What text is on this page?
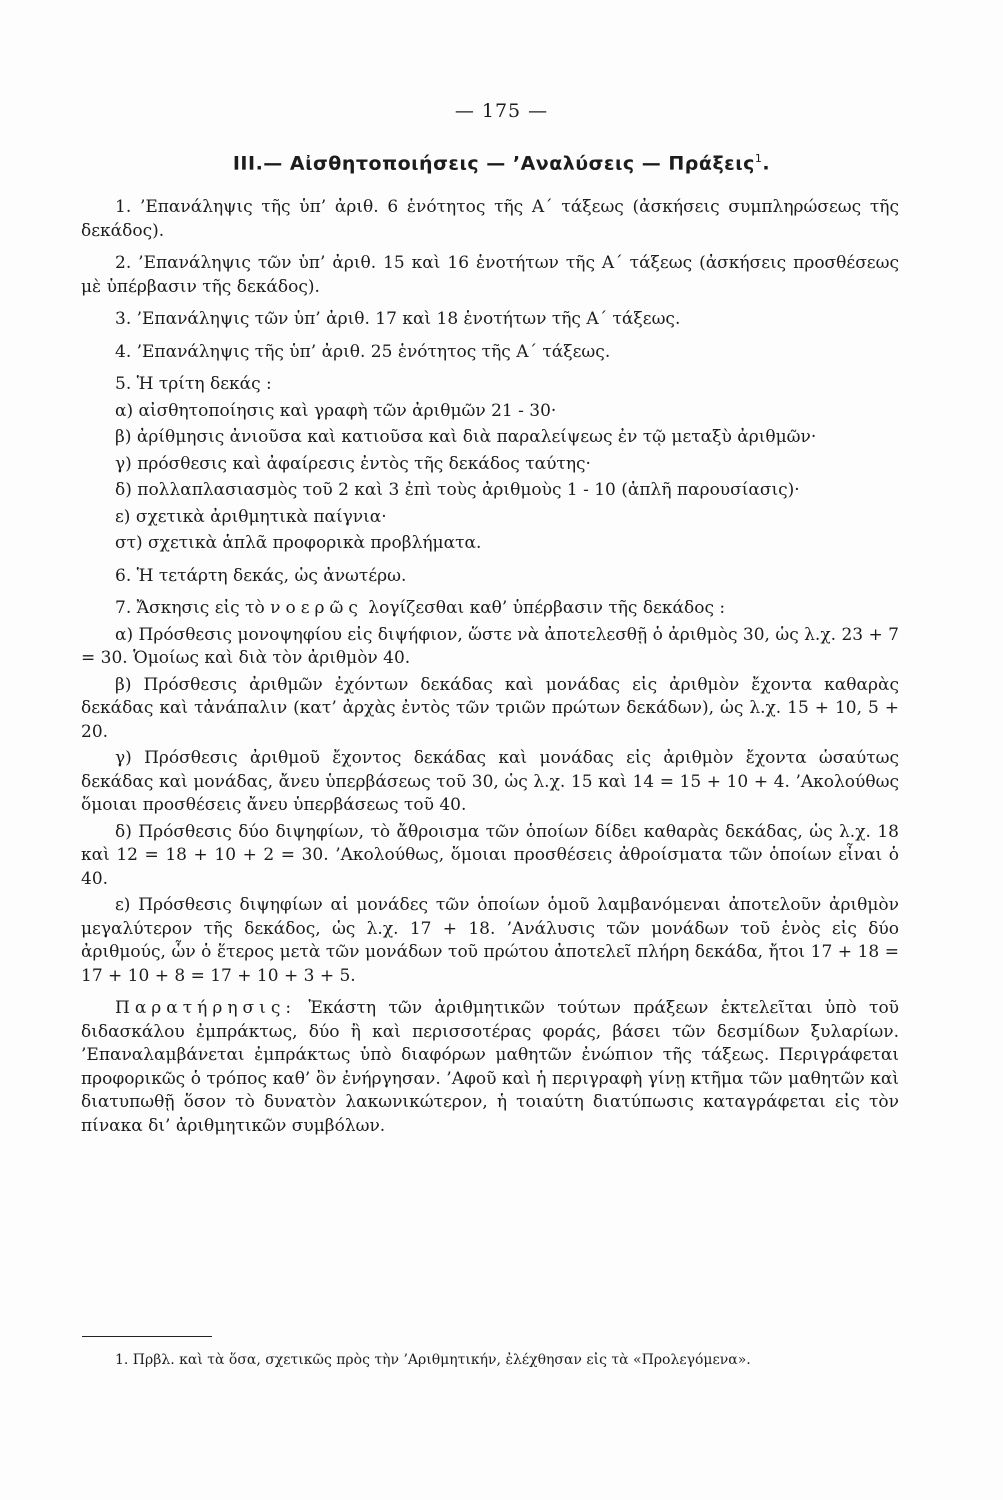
— 175 —
ΙΙΙ.— Αἰσθητοποιήσεις — ’Αναλύσεις — Πράξεις$^1$.

1. ’Επανάληψις τῆς ὑπ’ ἀριθ. 6 ἑνότητος τῆς Α΄ τάξεως (ἀσκήσεις συμπληρώσεως τῆς δεκάδος).

2. ’Επανάληψις τῶν ὑπ’ ἀριθ. 15 καὶ 16 ἑνοτήτων τῆς Α΄ τάξεως (ἀσκήσεις προσθέσεως μὲ ὑπέρβασιν τῆς δεκάδος).

3. ’Επανάληψις τῶν ὑπ’ ἀριθ. 17 καὶ 18 ἑνοτήτων τῆς Α΄ τάξεως.

4. ’Επανάληψις τῆς ὑπ’ ἀριθ. 25 ἑνότητος τῆς Α΄ τάξεως.

5. Ἡ τρίτη δεκάς :

α) αἰσθητοποίησις καὶ γραφὴ τῶν ἀριθμῶν 21 - 30·

β) ἀρίθμησις ἀνιοῦσα καὶ κατιοῦσα καὶ διὰ παραλείψεως ἐν τῷ μεταξὺ ἀριθμῶν·

γ) πρόσθεσις καὶ ἀφαίρεσις ἐντὸς τῆς δεκάδος ταύτης·

δ) πολλαπλασιασμὸς τοῦ 2 καὶ 3 ἐπὶ τοὺς ἀριθμοὺς 1 - 10 (ἁπλῆ παρουσίασις)·

ε) σχετικὰ ἀριθμητικὰ παίγνια·

στ) σχετικὰ ἁπλᾶ προφορικὰ προβλήματα.

6. Ἡ τετάρτη δεκάς, ὡς ἀνωτέρω.

7. Ἄσκησις εἰς τὸ νοερῶς λογίζεσθαι καθ’ ὑπέρβασιν τῆς δεκάδος :

α) Πρόσθεσις μονοψηφίου εἰς διψήφιον, ὥστε νὰ ἀποτελεσθῇ ὁ ἀριθμὸς 30, ὡς λ.χ. 23 + 7 = 30. Ὁμοίως καὶ διὰ τὸν ἀριθμὸν 40.

β) Πρόσθεσις ἀριθμῶν ἐχόντων δεκάδας καὶ μονάδας εἰς ἀριθμὸν ἔχοντα καθαρὰς δεκάδας καὶ τἀνάπαλιν (κατ’ ἀρχὰς ἐντὸς τῶν τριῶν πρώτων δεκάδων), ὡς λ.χ. 15 + 10, 5 + 20.

γ) Πρόσθεσις ἀριθμοῦ ἔχοντος δεκάδας καὶ μονάδας εἰς ἀριθμὸν ἔχοντα ὡσαύτως δεκάδας καὶ μονάδας, ἄνευ ὑπερβάσεως τοῦ 30, ὡς λ.χ. 15 καὶ 14 = 15 + 10 + 4. ’Ακολούθως ὅμοιαι προσθέσεις ἄνευ ὑπερβάσεως τοῦ 40.

δ) Πρόσθεσις δύο διψηφίων, τὸ ἄθροισμα τῶν ὁποίων δίδει καθαρὰς δεκάδας, ὡς λ.χ. 18 καὶ 12 = 18 + 10 + 2 = 30. ’Ακολούθως, ὅμοιαι προσθέσεις ἀθροίσματα τῶν ὁποίων εἶναι ὁ 40.

ε) Πρόσθεσις διψηφίων αἱ μονάδες τῶν ὁποίων ὁμοῦ λαμβανόμεναι ἀποτελοῦν ἀριθμὸν μεγαλύτερον τῆς δεκάδος, ὡς λ.χ. 17 + 18. ’Ανάλυσις τῶν μονάδων τοῦ ἑνὸς εἰς δύο ἀριθμούς, ὧν ὁ ἕτερος μετὰ τῶν μονάδων τοῦ πρώτου ἀποτελεῖ πλήρη δεκάδα, ἤτοι 17 + 18 = 17 + 10 + 8 = 17 + 10 + 3 + 5.

Παρατήρησις: Ἑκάστη τῶν ἀριθμητικῶν τούτων πράξεων ἐκτελεῖται ὑπὸ τοῦ διδασκάλου ἐμπράκτως, δύο ἢ καὶ περισσοτέρας φοράς, βάσει τῶν δεσμίδων ξυλαρίων. ’Επαναλαμβάνεται ἐμπράκτως ὑπὸ διαφόρων μαθητῶν ἐνώπιον τῆς τάξεως. Περιγράφεται προφορικῶς ὁ τρόπος καθ’ ὃν ἐνήργησαν. ’Αφοῦ καὶ ἡ περιγραφὴ γίνῃ κτῆμα τῶν μαθητῶν καὶ διατυπωθῇ ὅσον τὸ δυνατὸν λακωνικώτερον, ἡ τοιαύτη διατύπωσις καταγράφεται εἰς τὸν πίνακα δι’ ἀριθμητικῶν συμβόλων.

1. Πρβλ. καὶ τὰ ὅσα, σχετικῶς πρὸς τὴν ’Αριθμητικήν, ἐλέχθησαν εἰς τὰ «Προλεγόμενα».
